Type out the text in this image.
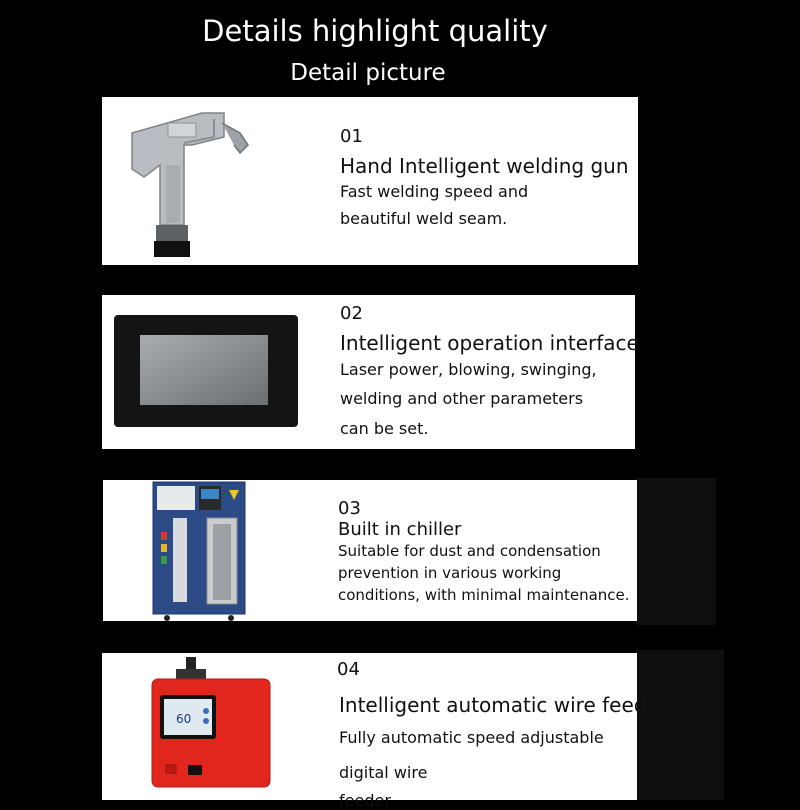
Details highlight quality
Detail picture
01
Hand Intelligent welding gun
Fast welding speed and
beautiful weld seam.
02
Intelligent operation interface
Laser power, blowing, swinging,
welding and other parameters
can be set.
03
Built in chiller
Suitable for dust and condensation
prevention in various working
conditions, with minimal maintenance.
60
04
Intelligent automatic wire feeder
Fully automatic speed adjustable
digital wire
feeder
